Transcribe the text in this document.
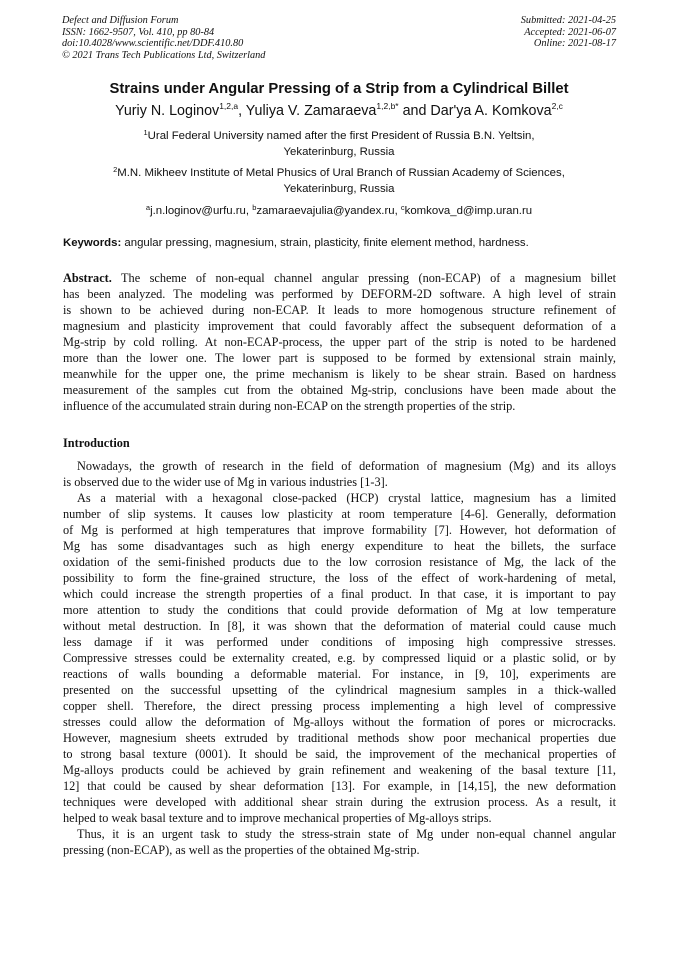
Defect and Diffusion Forum
ISSN: 1662-9507, Vol. 410, pp 80-84
doi:10.4028/www.scientific.net/DDF.410.80
© 2021 Trans Tech Publications Ltd, Switzerland
Submitted: 2021-04-25
Accepted: 2021-06-07
Online: 2021-08-17
Strains under Angular Pressing of a Strip from a Cylindrical Billet
Yuriy N. Loginov$^{1,2,a}$, Yuliya V. Zamaraeva$^{1,2,b*}$ and Dar'ya A. Komkova$^{2,c}$
$^1$Ural Federal University named after the first President of Russia B.N. Yeltsin,
Yekaterinburg, Russia
$^2$M.N. Mikheev Institute of Metal Phusics of Ural Branch of Russian Academy of Sciences,
Yekaterinburg, Russia
$^a$j.n.loginov@urfu.ru, $^b$zamaraevajulia@yandex.ru, $^c$komkova_d@imp.uran.ru
Keywords: angular pressing, magnesium, strain, plasticity, finite element method, hardness.
Abstract. The scheme of non-equal channel angular pressing (non-ECAP) of a magnesium billet
has been analyzed. The modeling was performed by DEFORM-2D software. A high level of strain
is shown to be achieved during non-ECAP. It leads to more homogenous structure refinement of
magnesium and plasticity improvement that could favorably affect the subsequent deformation of a
Mg-strip by cold rolling. At non-ECAP-process, the upper part of the strip is noted to be hardened
more than the lower one. The lower part is supposed to be formed by extensional strain mainly,
meanwhile for the upper one, the prime mechanism is likely to be shear strain. Based on hardness
measurement of the samples cut from the obtained Mg-strip, conclusions have been made about the
influence of the accumulated strain during non-ECAP on the strength properties of the strip.
Introduction
Nowadays, the growth of research in the field of deformation of magnesium (Mg) and its alloys
is observed due to the wider use of Mg in various industries [1-3].
As a material with a hexagonal close-packed (HCP) crystal lattice, magnesium has a limited
number of slip systems. It causes low plasticity at room temperature [4-6]. Generally, deformation
of Mg is performed at high temperatures that improve formability [7]. However, hot deformation of
Mg has some disadvantages such as high energy expenditure to heat the billets, the surface
oxidation of the semi-finished products due to the low corrosion resistance of Mg, the lack of the
possibility to form the fine-grained structure, the loss of the effect of work-hardening of metal,
which could increase the strength properties of a final product. In that case, it is important to pay
more attention to study the conditions that could provide deformation of Mg at low temperature
without metal destruction. In [8], it was shown that the deformation of material could cause much
less damage if it was performed under conditions of imposing high compressive stresses.
Compressive stresses could be externality created, e.g. by compressed liquid or a plastic solid, or by
reactions of walls bounding a deformable material. For instance, in [9, 10], experiments are
presented on the successful upsetting of the cylindrical magnesium samples in a thick-walled
copper shell. Therefore, the direct pressing process implementing a high level of compressive
stresses could allow the deformation of Mg-alloys without the formation of pores or microcracks.
However, magnesium sheets extruded by traditional methods show poor mechanical properties due
to strong basal texture (0001). It should be said, the improvement of the mechanical properties of
Mg-alloys products could be achieved by grain refinement and weakening of the basal texture [11,
12] that could be caused by shear deformation [13]. For example, in [14,15], the new deformation
techniques were developed with additional shear strain during the extrusion process. As a result, it
helped to weak basal texture and to improve mechanical properties of Mg-alloys strips.
Thus, it is an urgent task to study the stress-strain state of Mg under non-equal channel angular
pressing (non-ECAP), as well as the properties of the obtained Mg-strip.
